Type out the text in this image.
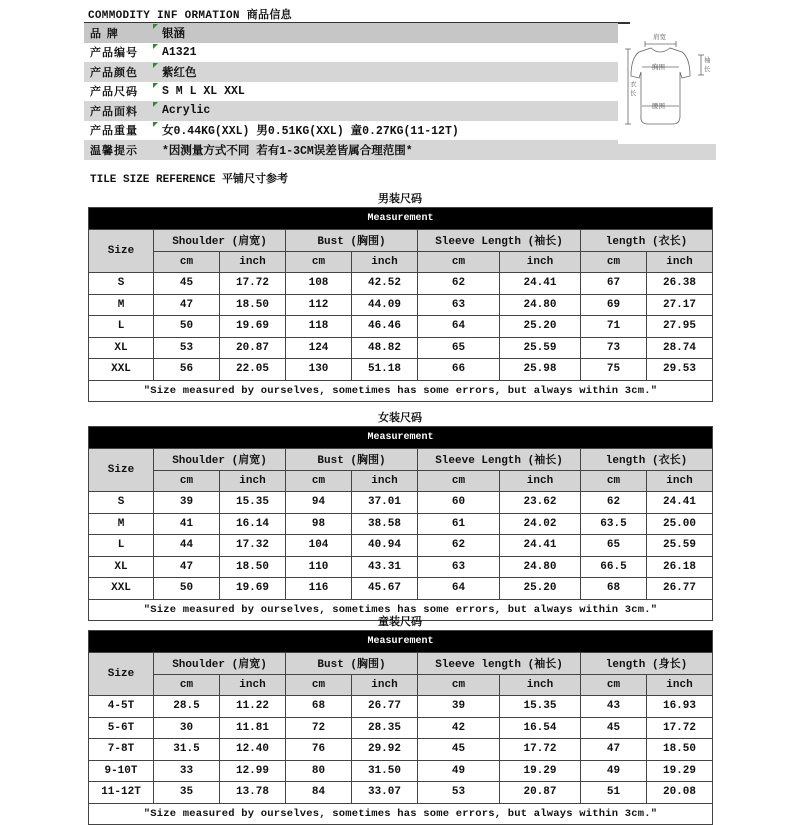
COMMODITY INF ORMATION 商品信息
品 牌	银涵
产品编号	A1321
产品颜色	紫红色
产品尺码	S M L XL XXL
产品面料	Acrylic
产品重量	女0.44KG(XXL) 男0.51KG(XXL) 童0.27KG(11-12T)
温馨提示	*因测量方式不同 若有1-3CM误差皆属合理范围*
肩宽
胸围
腰围
袖
长
衣
长
TILE SIZE REFERENCE 平铺尺寸参考
男装尺码
Measurement								
Size	Shoulder (肩宽)		Bust (胸围)		Sleeve Length (袖长)		length (衣长)	
	cm	inch	cm	inch	cm	inch	cm	inch
S	45	17.72	108	42.52	62	24.41	67	26.38
M	47	18.50	112	44.09	63	24.80	69	27.17
L	50	19.69	118	46.46	64	25.20	71	27.95
XL	53	20.87	124	48.82	65	25.59	73	28.74
XXL	56	22.05	130	51.18	66	25.98	75	29.53
"Size measured by ourselves, sometimes has some errors, but always within 3cm."								
女装尺码
Measurement								
Size	Shoulder (肩宽)		Bust (胸围)		Sleeve Length (袖长)		length (衣长)	
	cm	inch	cm	inch	cm	inch	cm	inch
S	39	15.35	94	37.01	60	23.62	62	24.41
M	41	16.14	98	38.58	61	24.02	63.5	25.00
L	44	17.32	104	40.94	62	24.41	65	25.59
XL	47	18.50	110	43.31	63	24.80	66.5	26.18
XXL	50	19.69	116	45.67	64	25.20	68	26.77
"Size measured by ourselves, sometimes has some errors, but always within 3cm."								
童装尺码
Measurement								
Size	Shoulder (肩宽)		Bust (胸围)		Sleeve length (袖长)		length (身长)	
	cm	inch	cm	inch	cm	inch	cm	inch
4-5T	28.5	11.22	68	26.77	39	15.35	43	16.93
5-6T	30	11.81	72	28.35	42	16.54	45	17.72
7-8T	31.5	12.40	76	29.92	45	17.72	47	18.50
9-10T	33	12.99	80	31.50	49	19.29	49	19.29
11-12T	35	13.78	84	33.07	53	20.87	51	20.08
"Size measured by ourselves, sometimes has some errors, but always within 3cm."								
